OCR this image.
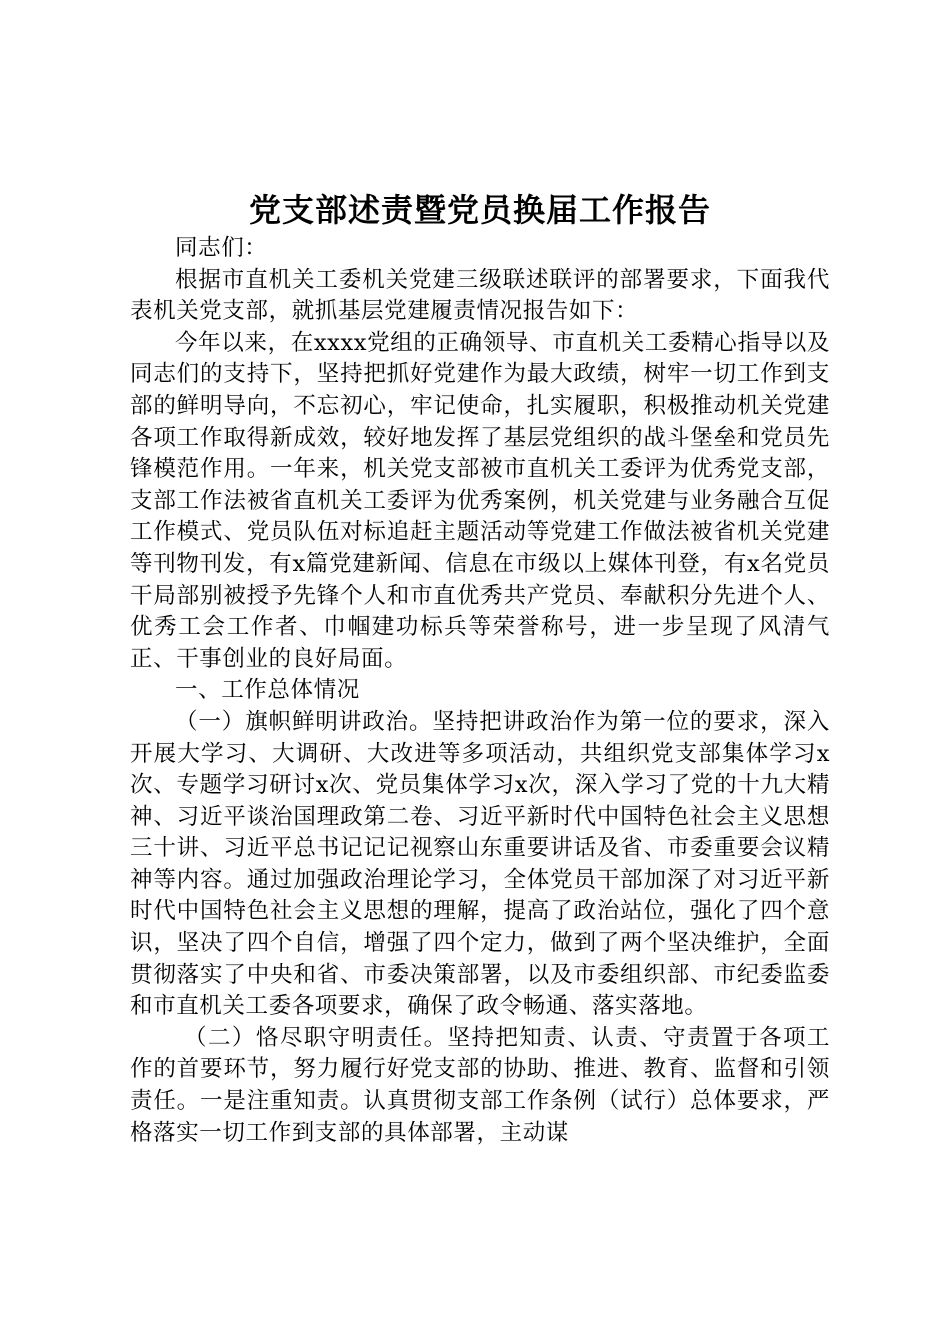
党支部述责暨党员换届工作报告

同志们：

根据市直机关工委机关党建三级联述联评的部署要求，下面我代表机关党支部，就抓基层党建履责情况报告如下：

今年以来，在xxxx党组的正确领导、市直机关工委精心指导以及同志们的支持下，坚持把抓好党建作为最大政绩，树牢一切工作到支部的鲜明导向，不忘初心，牢记使命，扎实履职，积极推动机关党建各项工作取得新成效，较好地发挥了基层党组织的战斗堡垒和党员先锋模范作用。一年来，机关党支部被市直机关工委评为优秀党支部，支部工作法被省直机关工委评为优秀案例，机关党建与业务融合互促工作模式、党员队伍对标追赶主题活动等党建工作做法被省机关党建等刊物刊发，有x篇党建新闻、信息在市级以上媒体刊登，有x名党员干局部别被授予先锋个人和市直优秀共产党员、奉献积分先进个人、优秀工会工作者、巾帼建功标兵等荣誉称号，进一步呈现了风清气正、干事创业的良好局面。

一、工作总体情况

（一）旗帜鲜明讲政治。坚持把讲政治作为第一位的要求，深入开展大学习、大调研、大改进等多项活动，共组织党支部集体学习x次、专题学习研讨x次、党员集体学习x次，深入学习了党的十九大精神、习近平谈治国理政第二卷、习近平新时代中国特色社会主义思想三十讲、习近平总书记记记视察山东重要讲话及省、市委重要会议精神等内容。通过加强政治理论学习，全体党员干部加深了对习近平新时代中国特色社会主义思想的理解，提高了政治站位，强化了四个意识，坚决了四个自信，增强了四个定力，做到了两个坚决维护，全面贯彻落实了中央和省、市委决策部署，以及市委组织部、市纪委监委和市直机关工委各项要求，确保了政令畅通、落实落地。

（二）恪尽职守明责任。坚持把知责、认责、守责置于各项工作的首要环节，努力履行好党支部的协助、推进、教育、监督和引领责任。一是注重知责。认真贯彻支部工作条例（试行）总体要求，严格落实一切工作到支部的具体部署，主动谋
